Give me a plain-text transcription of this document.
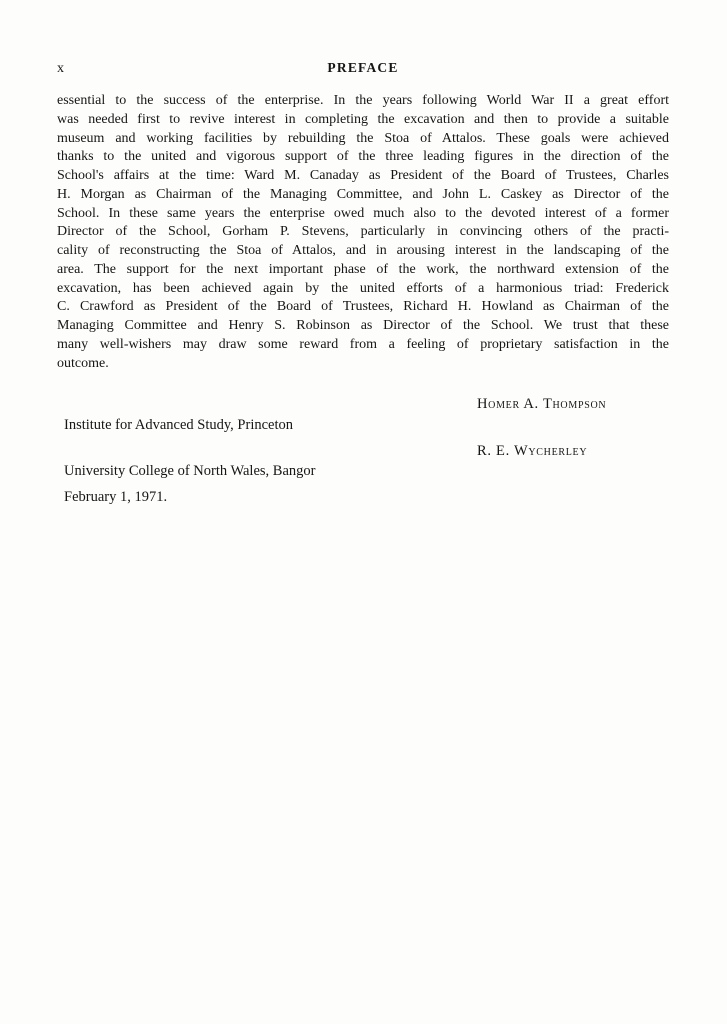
x	PREFACE
essential to the success of the enterprise. In the years following World War II a great effort
was needed first to revive interest in completing the excavation and then to provide a suitable
museum and working facilities by rebuilding the Stoa of Attalos. These goals were achieved
thanks to the united and vigorous support of the three leading figures in the direction of the
School's affairs at the time: Ward M. Canaday as President of the Board of Trustees, Charles
H. Morgan as Chairman of the Managing Committee, and John L. Caskey as Director of the
School. In these same years the enterprise owed much also to the devoted interest of a former
Director of the School, Gorham P. Stevens, particularly in convincing others of the practi-
cality of reconstructing the Stoa of Attalos, and in arousing interest in the landscaping of the
area. The support for the next important phase of the work, the northward extension of the
excavation, has been achieved again by the united efforts of a harmonious triad: Frederick
C. Crawford as President of the Board of Trustees, Richard H. Howland as Chairman of the
Managing Committee and Henry S. Robinson as Director of the School. We trust that these
many well-wishers may draw some reward from a feeling of proprietary satisfaction in the
outcome.
Homer A. Thompson
Institute for Advanced Study, Princeton
R. E. Wycherley
University College of North Wales, Bangor
February 1, 1971.
